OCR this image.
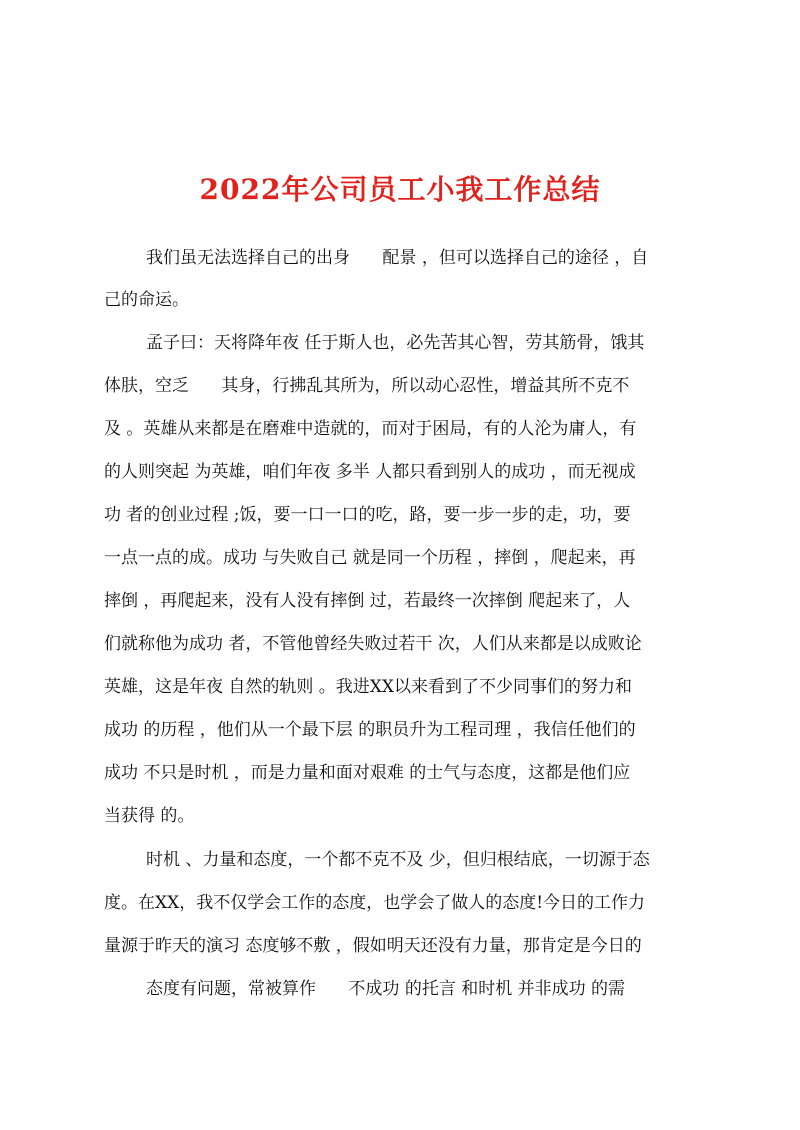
2022年公司员工小我工作总结

我们虽无法选择自己的出身      配景 ，但可以选择自己的途径 ，自

己的命运。

孟子曰：天将降年夜 任于斯人也，必先苦其心智，劳其筋骨，饿其

体肤，空乏      其身，行拂乱其所为，所以动心忍性，增益其所不克不

及 。英雄从来都是在磨难中造就的，而对于困局，有的人沦为庸人，有

的人则突起 为英雄，咱们年夜 多半 人都只看到别人的成功 ，而无视成

功 者的创业过程 ;饭，要一口一口的吃，路，要一步一步的走，功，要

一点一点的成。成功 与失败自己 就是同一个历程 ，摔倒 ，爬起来，再

摔倒 ，再爬起来，没有人没有摔倒 过，若最终一次摔倒 爬起来了，人

们就称他为成功 者，不管他曾经失败过若干 次，人们从来都是以成败论

英雄，这是年夜 自然的轨则 。我进XX以来看到了不少同事们的努力和

成功 的历程 ，他们从一个最下层 的职员升为工程司理 ，我信任他们的

成功 不只是时机 ，而是力量和面对艰难 的士气与态度，这都是他们应

当获得 的。

时机 、力量和态度，一个都不克不及 少，但归根结底，一切源于态

度。在XX，我不仅学会工作的态度，也学会了做人的态度!今日的工作力

量源于昨天的演习 态度够不敷 ，假如明天还没有力量，那肯定是今日的

态度有问题，常被算作      不成功 的托言 和时机 并非成功 的需
